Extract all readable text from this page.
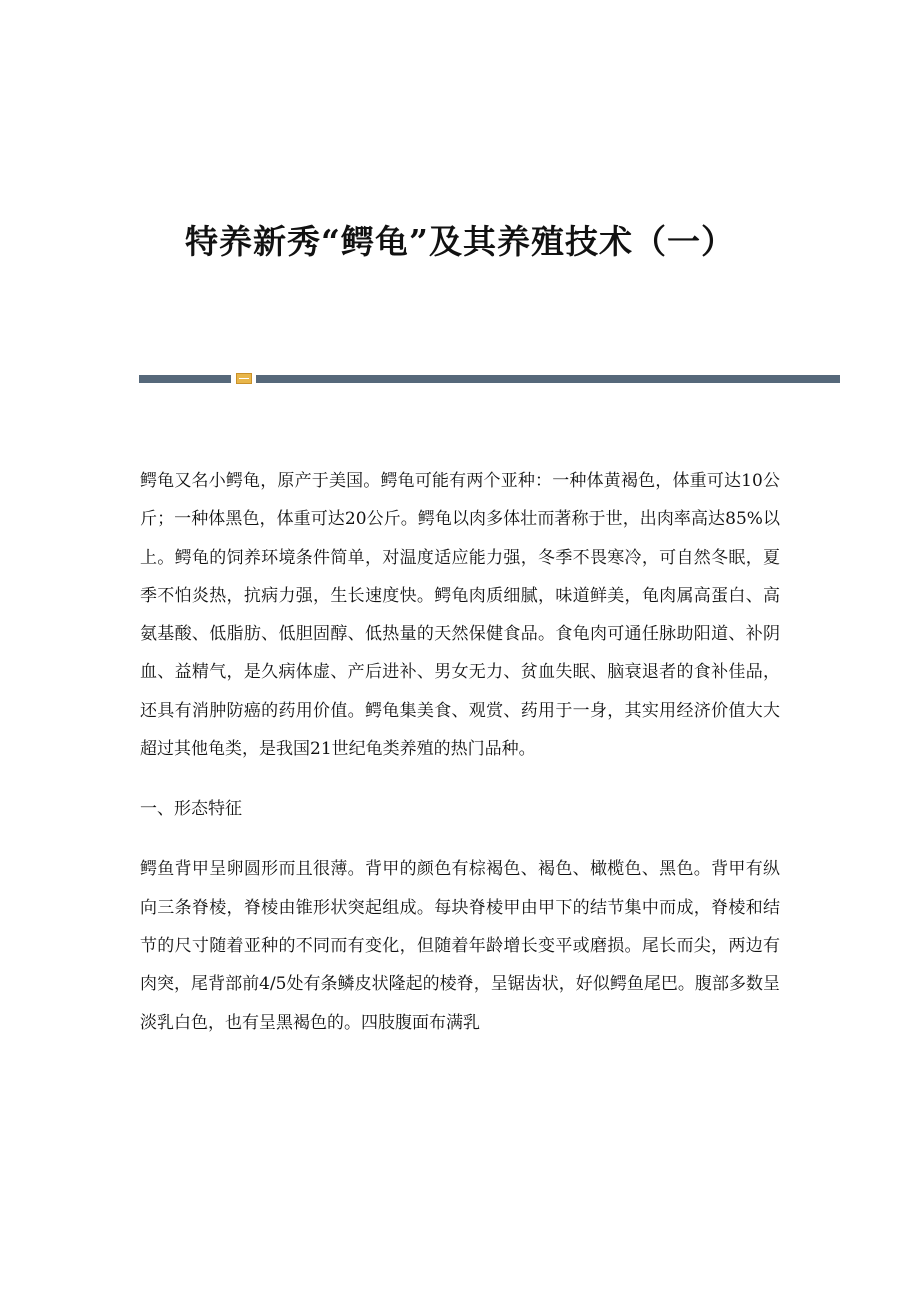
特养新秀“鳄龟”及其养殖技术（一）

鳄龟又名小鳄龟，原产于美国。鳄龟可能有两个亚种：一种体黄褐色，体重可达10公斤；一种体黑色，体重可达20公斤。鳄龟以肉多体壮而著称于世，出肉率高达85%以上。鳄龟的饲养环境条件简单，对温度适应能力强，冬季不畏寒冷，可自然冬眠，夏季不怕炎热，抗病力强，生长速度快。鳄龟肉质细腻，味道鲜美，龟肉属高蛋白、高氨基酸、低脂肪、低胆固醇、低热量的天然保健食品。食龟肉可通任脉助阳道、补阴血、益精气，是久病体虚、产后进补、男女无力、贫血失眠、脑衰退者的食补佳品，还具有消肿防癌的药用价值。鳄龟集美食、观赏、药用于一身，其实用经济价值大大超过其他龟类，是我国21世纪龟类养殖的热门品种。

一、形态特征

鳄鱼背甲呈卵圆形而且很薄。背甲的颜色有棕褐色、褐色、橄榄色、黑色。背甲有纵向三条脊棱，脊棱由锥形状突起组成。每块脊棱甲由甲下的结节集中而成，脊棱和结节的尺寸随着亚种的不同而有变化，但随着年龄增长变平或磨损。尾长而尖，两边有肉突，尾背部前4/5处有条鳞皮状隆起的棱脊，呈锯齿状，好似鳄鱼尾巴。腹部多数呈淡乳白色，也有呈黑褐色的。四肢腹面布满乳
